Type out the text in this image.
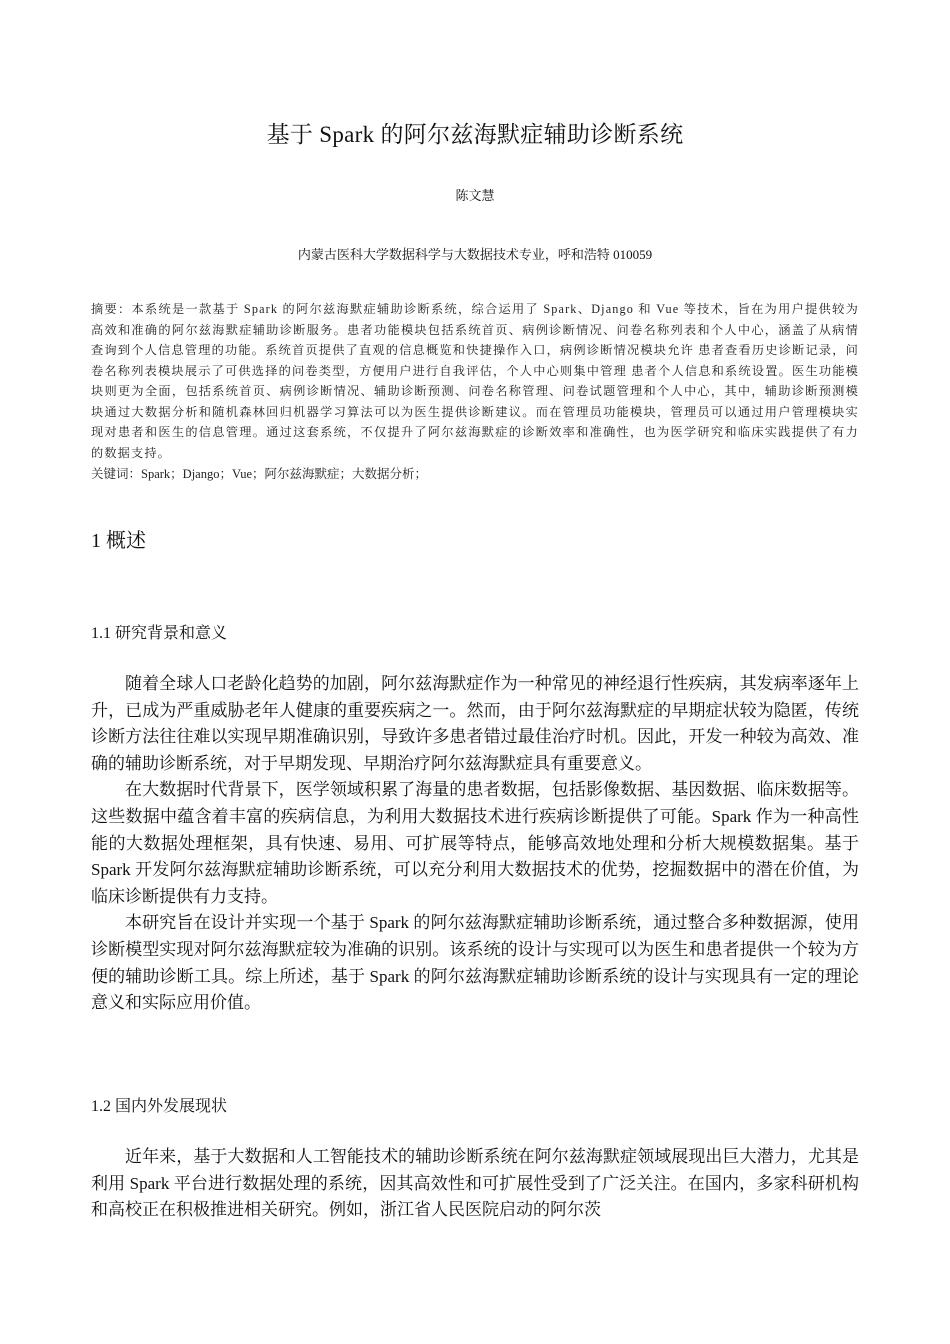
基于 Spark 的阿尔兹海默症辅助诊断系统
陈文慧
内蒙古医科大学数据科学与大数据技术专业，呼和浩特 010059
摘要：本系统是一款基于 Spark 的阿尔兹海默症辅助诊断系统，综合运用了 Spark、Django 和 Vue 等技术，旨在为用户提供较为高效和准确的阿尔兹海默症辅助诊断服务。患者功能模块包括系统首页、病例诊断情况、问卷名称列表和个人中心，涵盖了从病情查询到个人信息管理的功能。系统首页提供了直观的信息概览和快捷操作入口，病例诊断情况模块允许 患者查看历史诊断记录，问卷名称列表模块展示了可供选择的问卷类型，方便用户进行自我评估，个人中心则集中管理 患者个人信息和系统设置。医生功能模块则更为全面，包括系统首页、病例诊断情况、辅助诊断预测、问卷名称管理、问卷试题管理和个人中心，其中，辅助诊断预测模块通过大数据分析和随机森林回归机器学习算法可以为医生提供诊断建议。而在管理员功能模块，管理员可以通过用户管理模块实现对患者和医生的信息管理。通过这套系统，不仅提升了阿尔兹海默症的诊断效率和准确性，也为医学研究和临床实践提供了有力的数据支持。
关键词：Spark；Django；Vue；阿尔兹海默症；大数据分析；
1 概述
1.1 研究背景和意义

随着全球人口老龄化趋势的加剧，阿尔兹海默症作为一种常见的神经退行性疾病，其发病率逐年上升，已成为严重威胁老年人健康的重要疾病之一。然而，由于阿尔兹海默症的早期症状较为隐匿，传统诊断方法往往难以实现早期准确识别，导致许多患者错过最佳治疗时机。因此，开发一种较为高效、准确的辅助诊断系统，对于早期发现、早期治疗阿尔兹海默症具有重要意义。

在大数据时代背景下，医学领域积累了海量的患者数据，包括影像数据、基因数据、临床数据等。这些数据中蕴含着丰富的疾病信息，为利用大数据技术进行疾病诊断提供了可能。Spark 作为一种高性能的大数据处理框架，具有快速、易用、可扩展等特点，能够高效地处理和分析大规模数据集。基于 Spark 开发阿尔兹海默症辅助诊断系统，可以充分利用大数据技术的优势，挖掘数据中的潜在价值，为临床诊断提供有力支持。

本研究旨在设计并实现一个基于 Spark 的阿尔兹海默症辅助诊断系统，通过整合多种数据源，使用诊断模型实现对阿尔兹海默症较为准确的识别。该系统的设计与实现可以为医生和患者提供一个较为方便的辅助诊断工具。综上所述，基于 Spark 的阿尔兹海默症辅助诊断系统的设计与实现具有一定的理论意义和实际应用价值。

1.2 国内外发展现状

近年来，基于大数据和人工智能技术的辅助诊断系统在阿尔兹海默症领域展现出巨大潜力，尤其是利用 Spark 平台进行数据处理的系统，因其高效性和可扩展性受到了广泛关注。在国内，多家科研机构和高校正在积极推进相关研究。例如，浙江省人民医院启动的阿尔茨
